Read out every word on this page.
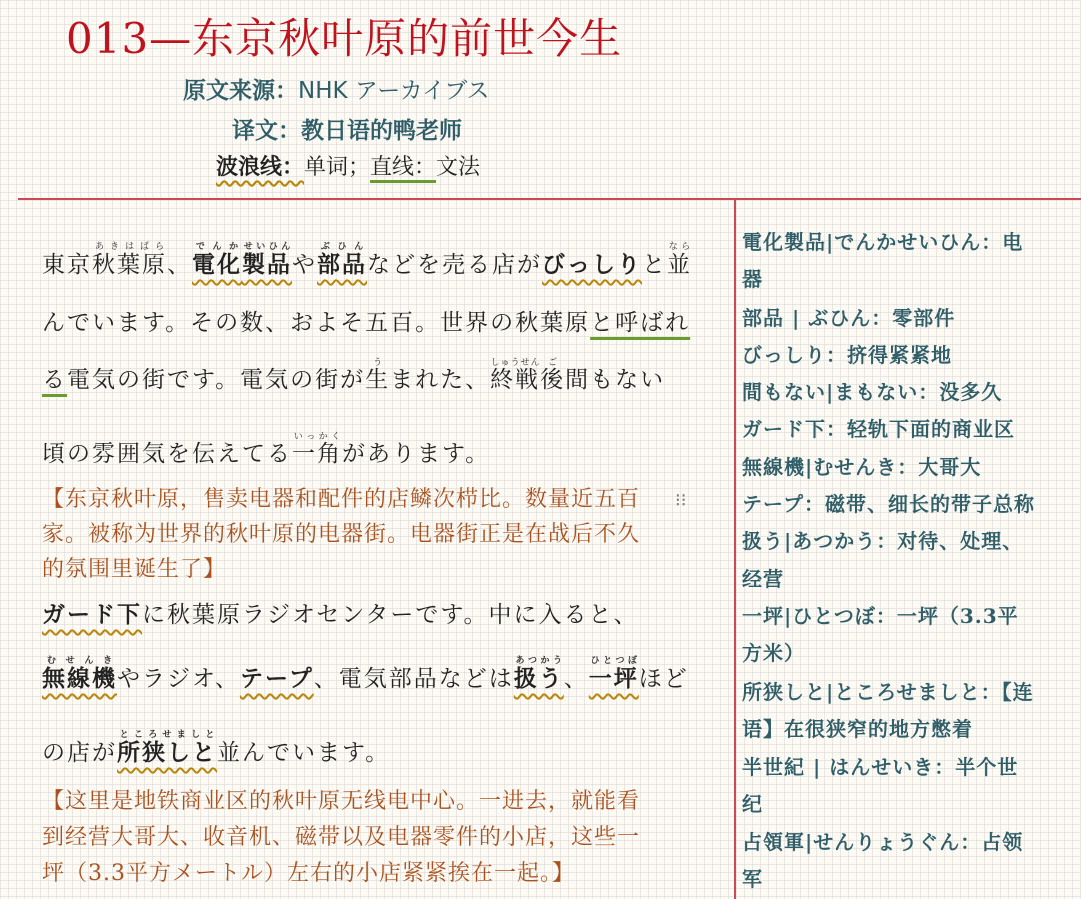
013—东京秋叶原的前世今生
原文来源：NHK アーカイブス
译文：教日语的鸭老师
波浪线：单词；直线：文法
東京秋葉原あきはばら、電化でんか製品せいひんや部品ぶひんなどを売る店がびっしりと並なら
んでいます。その数、およそ五百。世界の秋葉原と呼ばれ
る電気の街です。電気の街が生うまれた、終戦しゅうせん後ご間もない
頃の雰囲気を伝えてる一角いっかくがあります。
【东京秋叶原，售卖电器和配件的店鳞次栉比。数量近五百
家。被称为世界的秋叶原的电器街。电器街正是在战后不久
的氛围里诞生了】
ガード下に秋葉原ラジオセンターです。中に入ると、
無線機むせんきやラジオ、テープ、電気部品などは扱うあつかう、一坪ひとつぼほど
の店が所狭しとところせましと並んでいます。
【这里是地铁商业区的秋叶原无线电中心。一进去，就能看
到经营大哥大、收音机、磁带以及电器零件的小店，这些一
坪（3.3平方メートル）左右的小店紧紧挨在一起。】
⁝⁝
電化製品|でんかせいひん：电
器
部品 | ぶひん：零部件
びっしり：挤得紧紧地
間もない|まもない：没多久
ガード下：轻轨下面的商业区
無線機|むせんき：大哥大
テープ：磁带、细长的带子总称
扱う|あつかう：对待、处理、
经营
一坪|ひとつぼ：一坪（3.3平
方米）
所狭しと|ところせましと：【连
语】在很狭窄的地方憋着
半世紀 | はんせいき：半个世
纪
占領軍|せんりょうぐん：占领
军
